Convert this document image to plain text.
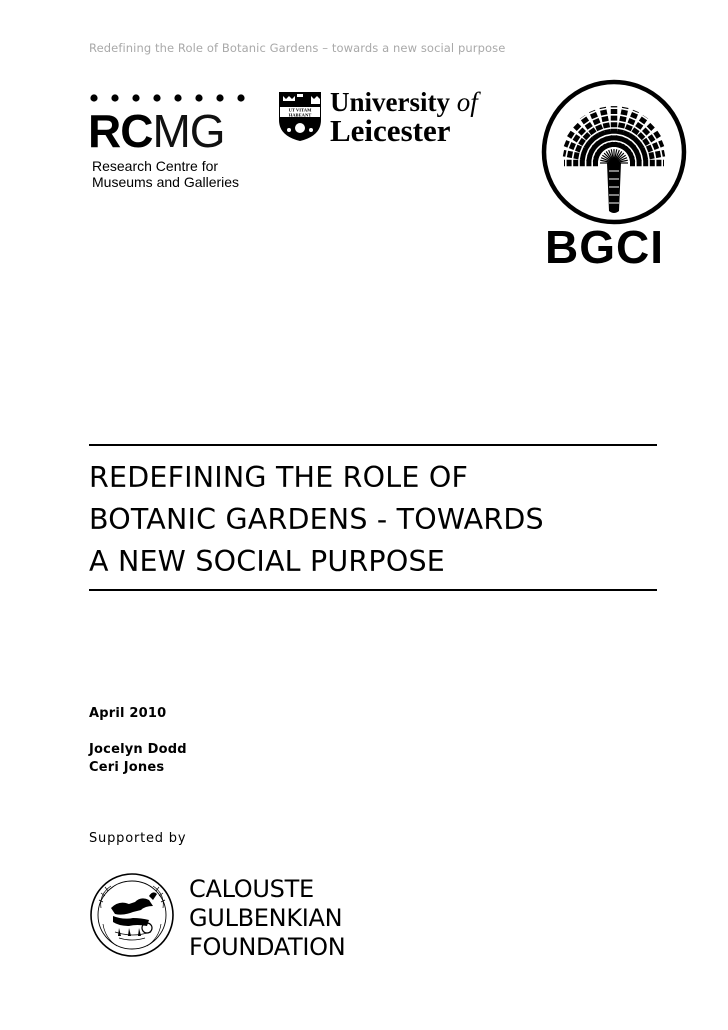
Redefining the Role of Botanic Gardens – towards a new social purpose
RCMG
Research Centre for
Museums and Galleries
UT VITAM
HABEANT University of
Leicester
BGCI
REDEFINING THE ROLE OF
BOTANIC GARDENS - TOWARDS
A NEW SOCIAL PURPOSE
April 2010
Jocelyn Dodd
Ceri Jones
Supported by
CALOUSTE
GULBENKIAN
FOUNDATION
